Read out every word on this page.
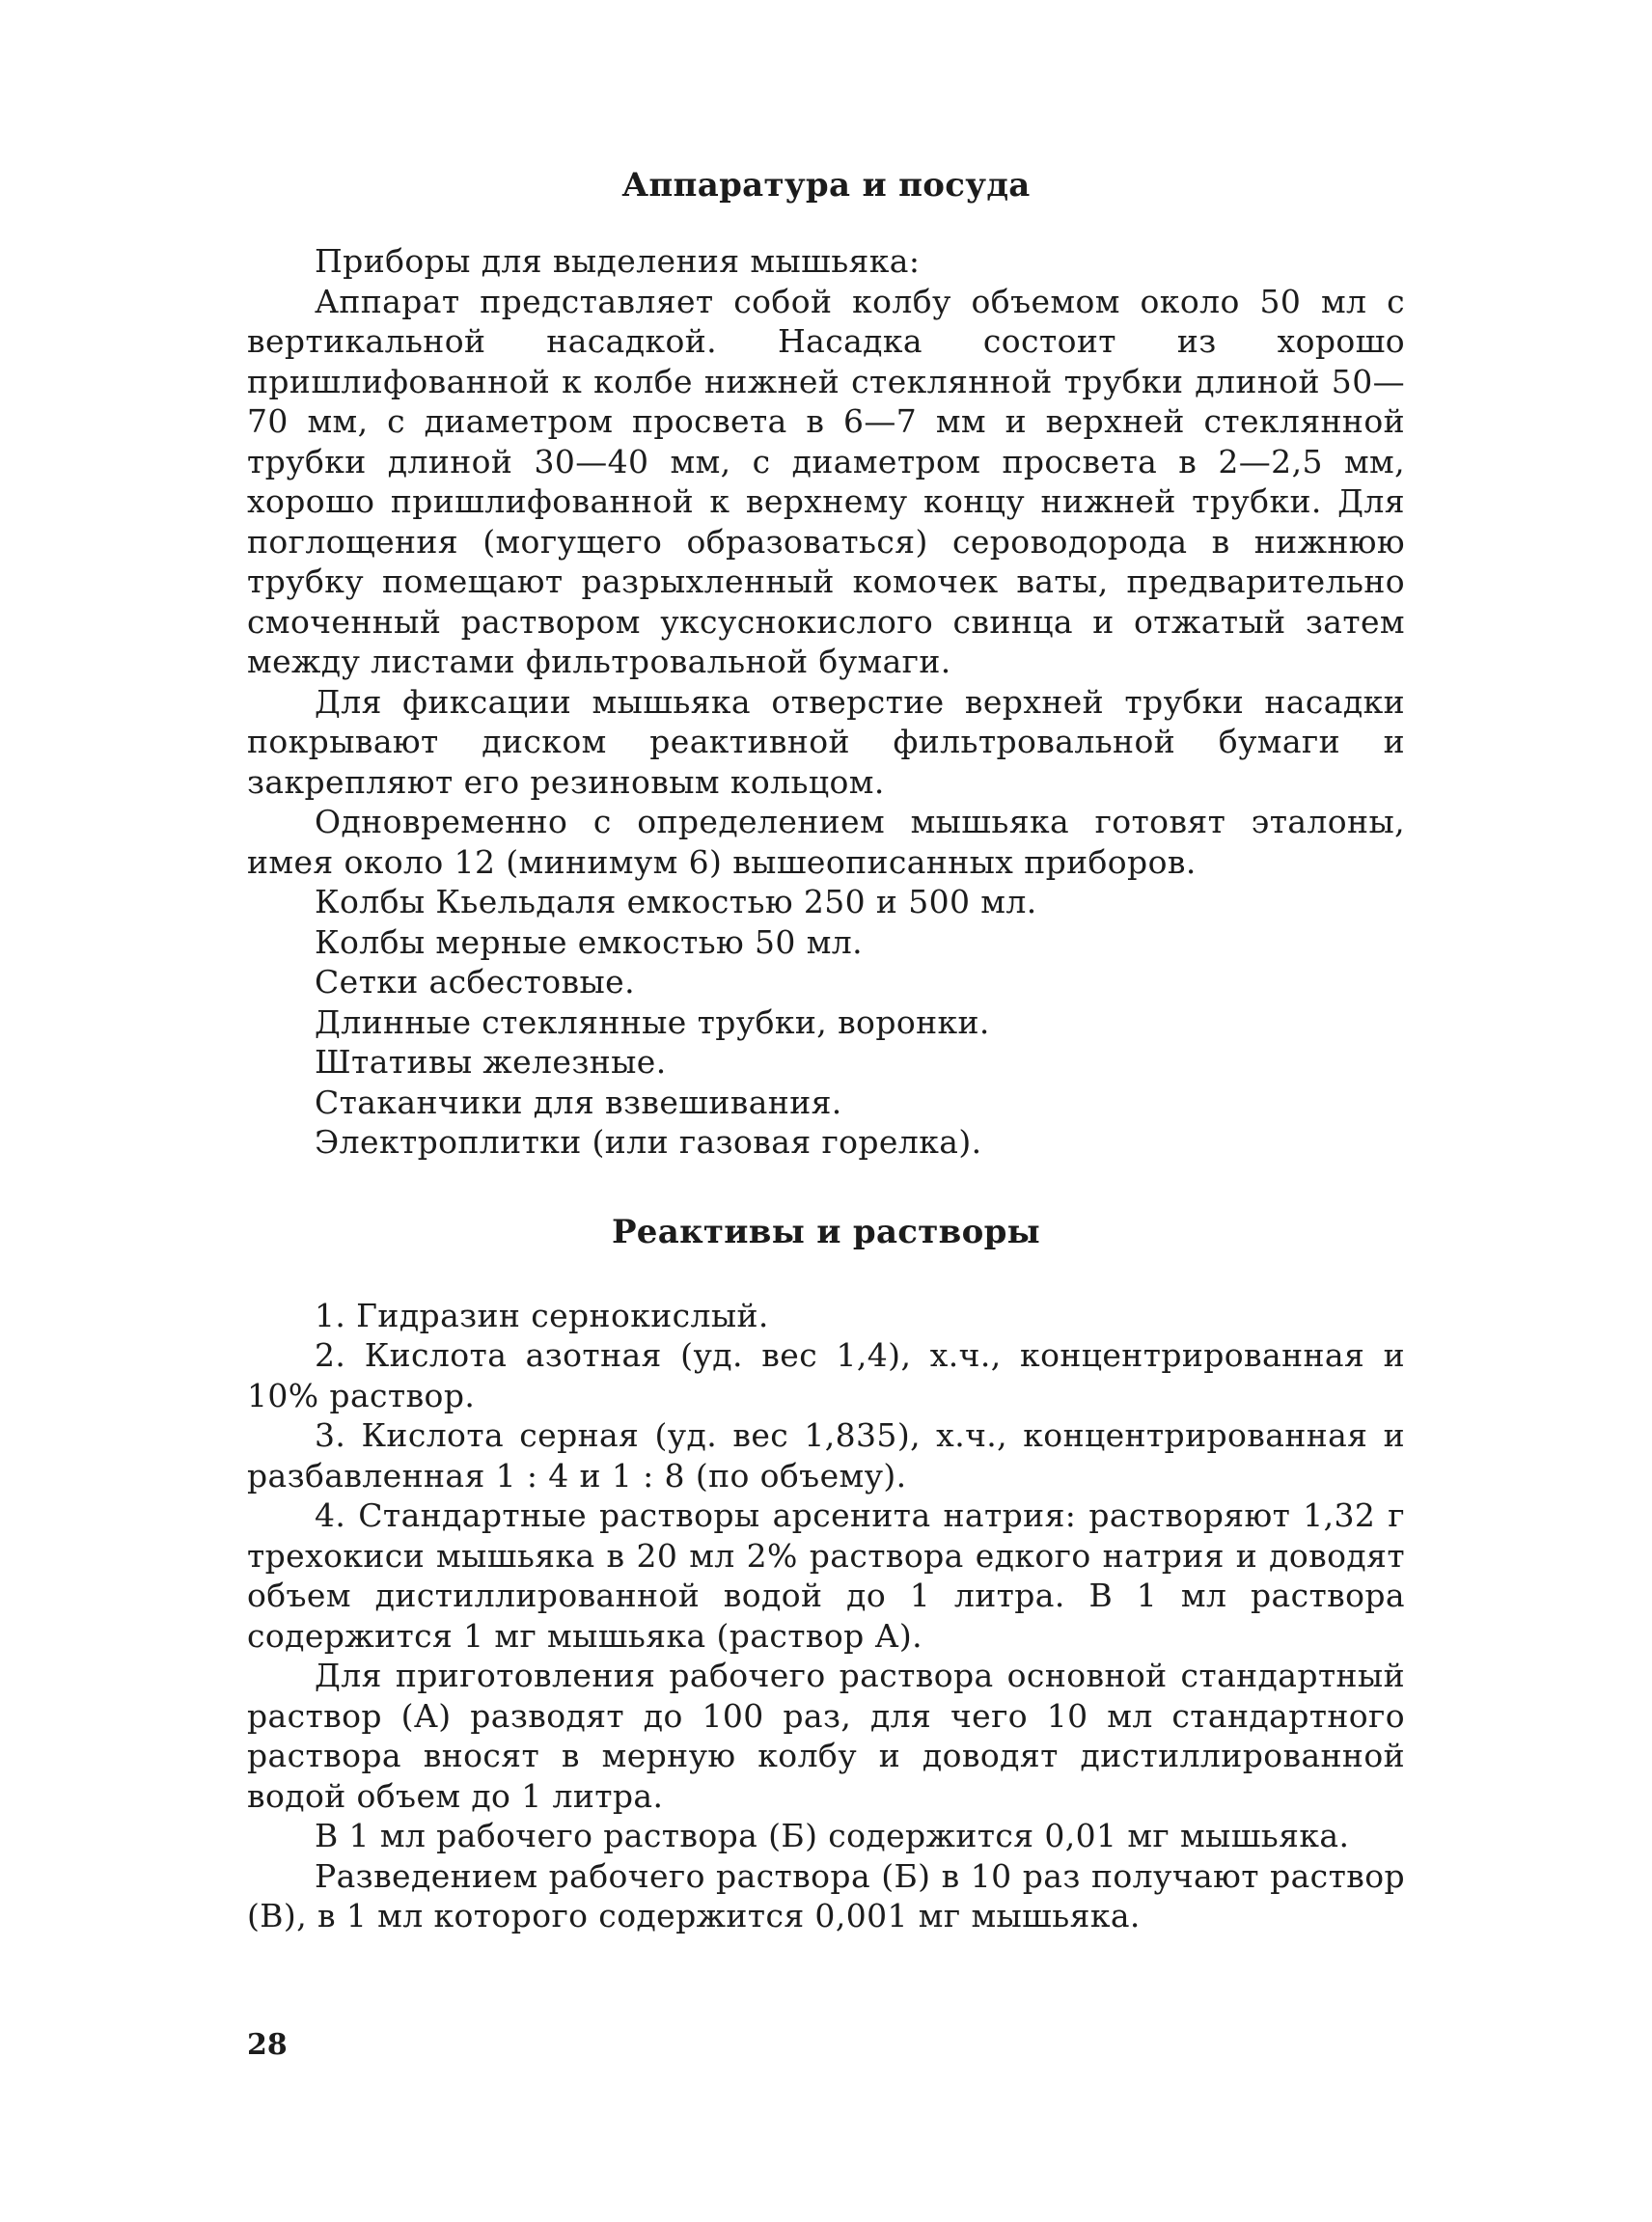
Аппаратура и посуда

Приборы для выделения мышьяка:

Аппарат представляет собой колбу объемом около 50 мл с вертикальной насадкой. Насадка состоит из хорошо пришлифованной к колбе нижней стеклянной трубки длиной 50—70 мм, с диаметром просвета в 6—7 мм и верхней стеклянной трубки длиной 30—40 мм, с диаметром просвета в 2—2,5 мм, хорошо пришлифованной к верхнему концу нижней трубки. Для поглощения (могущего образоваться) сероводорода в нижнюю трубку помещают разрыхленный комочек ваты, предварительно смоченный раствором уксуснокислого свинца и отжатый затем между листами фильтровальной бумаги.

Для фиксации мышьяка отверстие верхней трубки насадки покрывают диском реактивной фильтровальной бумаги и закрепляют его резиновым кольцом.

Одновременно с определением мышьяка готовят эталоны, имея около 12 (минимум 6) вышеописанных приборов.

Колбы Кьельдаля емкостью 250 и 500 мл.

Колбы мерные емкостью 50 мл.

Сетки асбестовые.

Длинные стеклянные трубки, воронки.

Штативы железные.

Стаканчики для взвешивания.

Электроплитки (или газовая горелка).

Реактивы и растворы

1. Гидразин сернокислый.

2. Кислота азотная (уд. вес 1,4), х.ч., концентрированная и 10% раствор.

3. Кислота серная (уд. вес 1,835), х.ч., концентрированная и разбавленная 1 : 4 и 1 : 8 (по объему).

4. Стандартные растворы арсенита натрия: растворяют 1,32 г трехокиси мышьяка в 20 мл 2% раствора едкого натрия и доводят объем дистиллированной водой до 1 литра. В 1 мл раствора содержится 1 мг мышьяка (раствор А).

Для приготовления рабочего раствора основной стандартный раствор (А) разводят до 100 раз, для чего 10 мл стандартного раствора вносят в мерную колбу и доводят дистиллированной водой объем до 1 литра.

В 1 мл рабочего раствора (Б) содержится 0,01 мг мышьяка.

Разведением рабочего раствора (Б) в 10 раз получают раствор (В), в 1 мл которого содержится 0,001 мг мышьяка.

28
